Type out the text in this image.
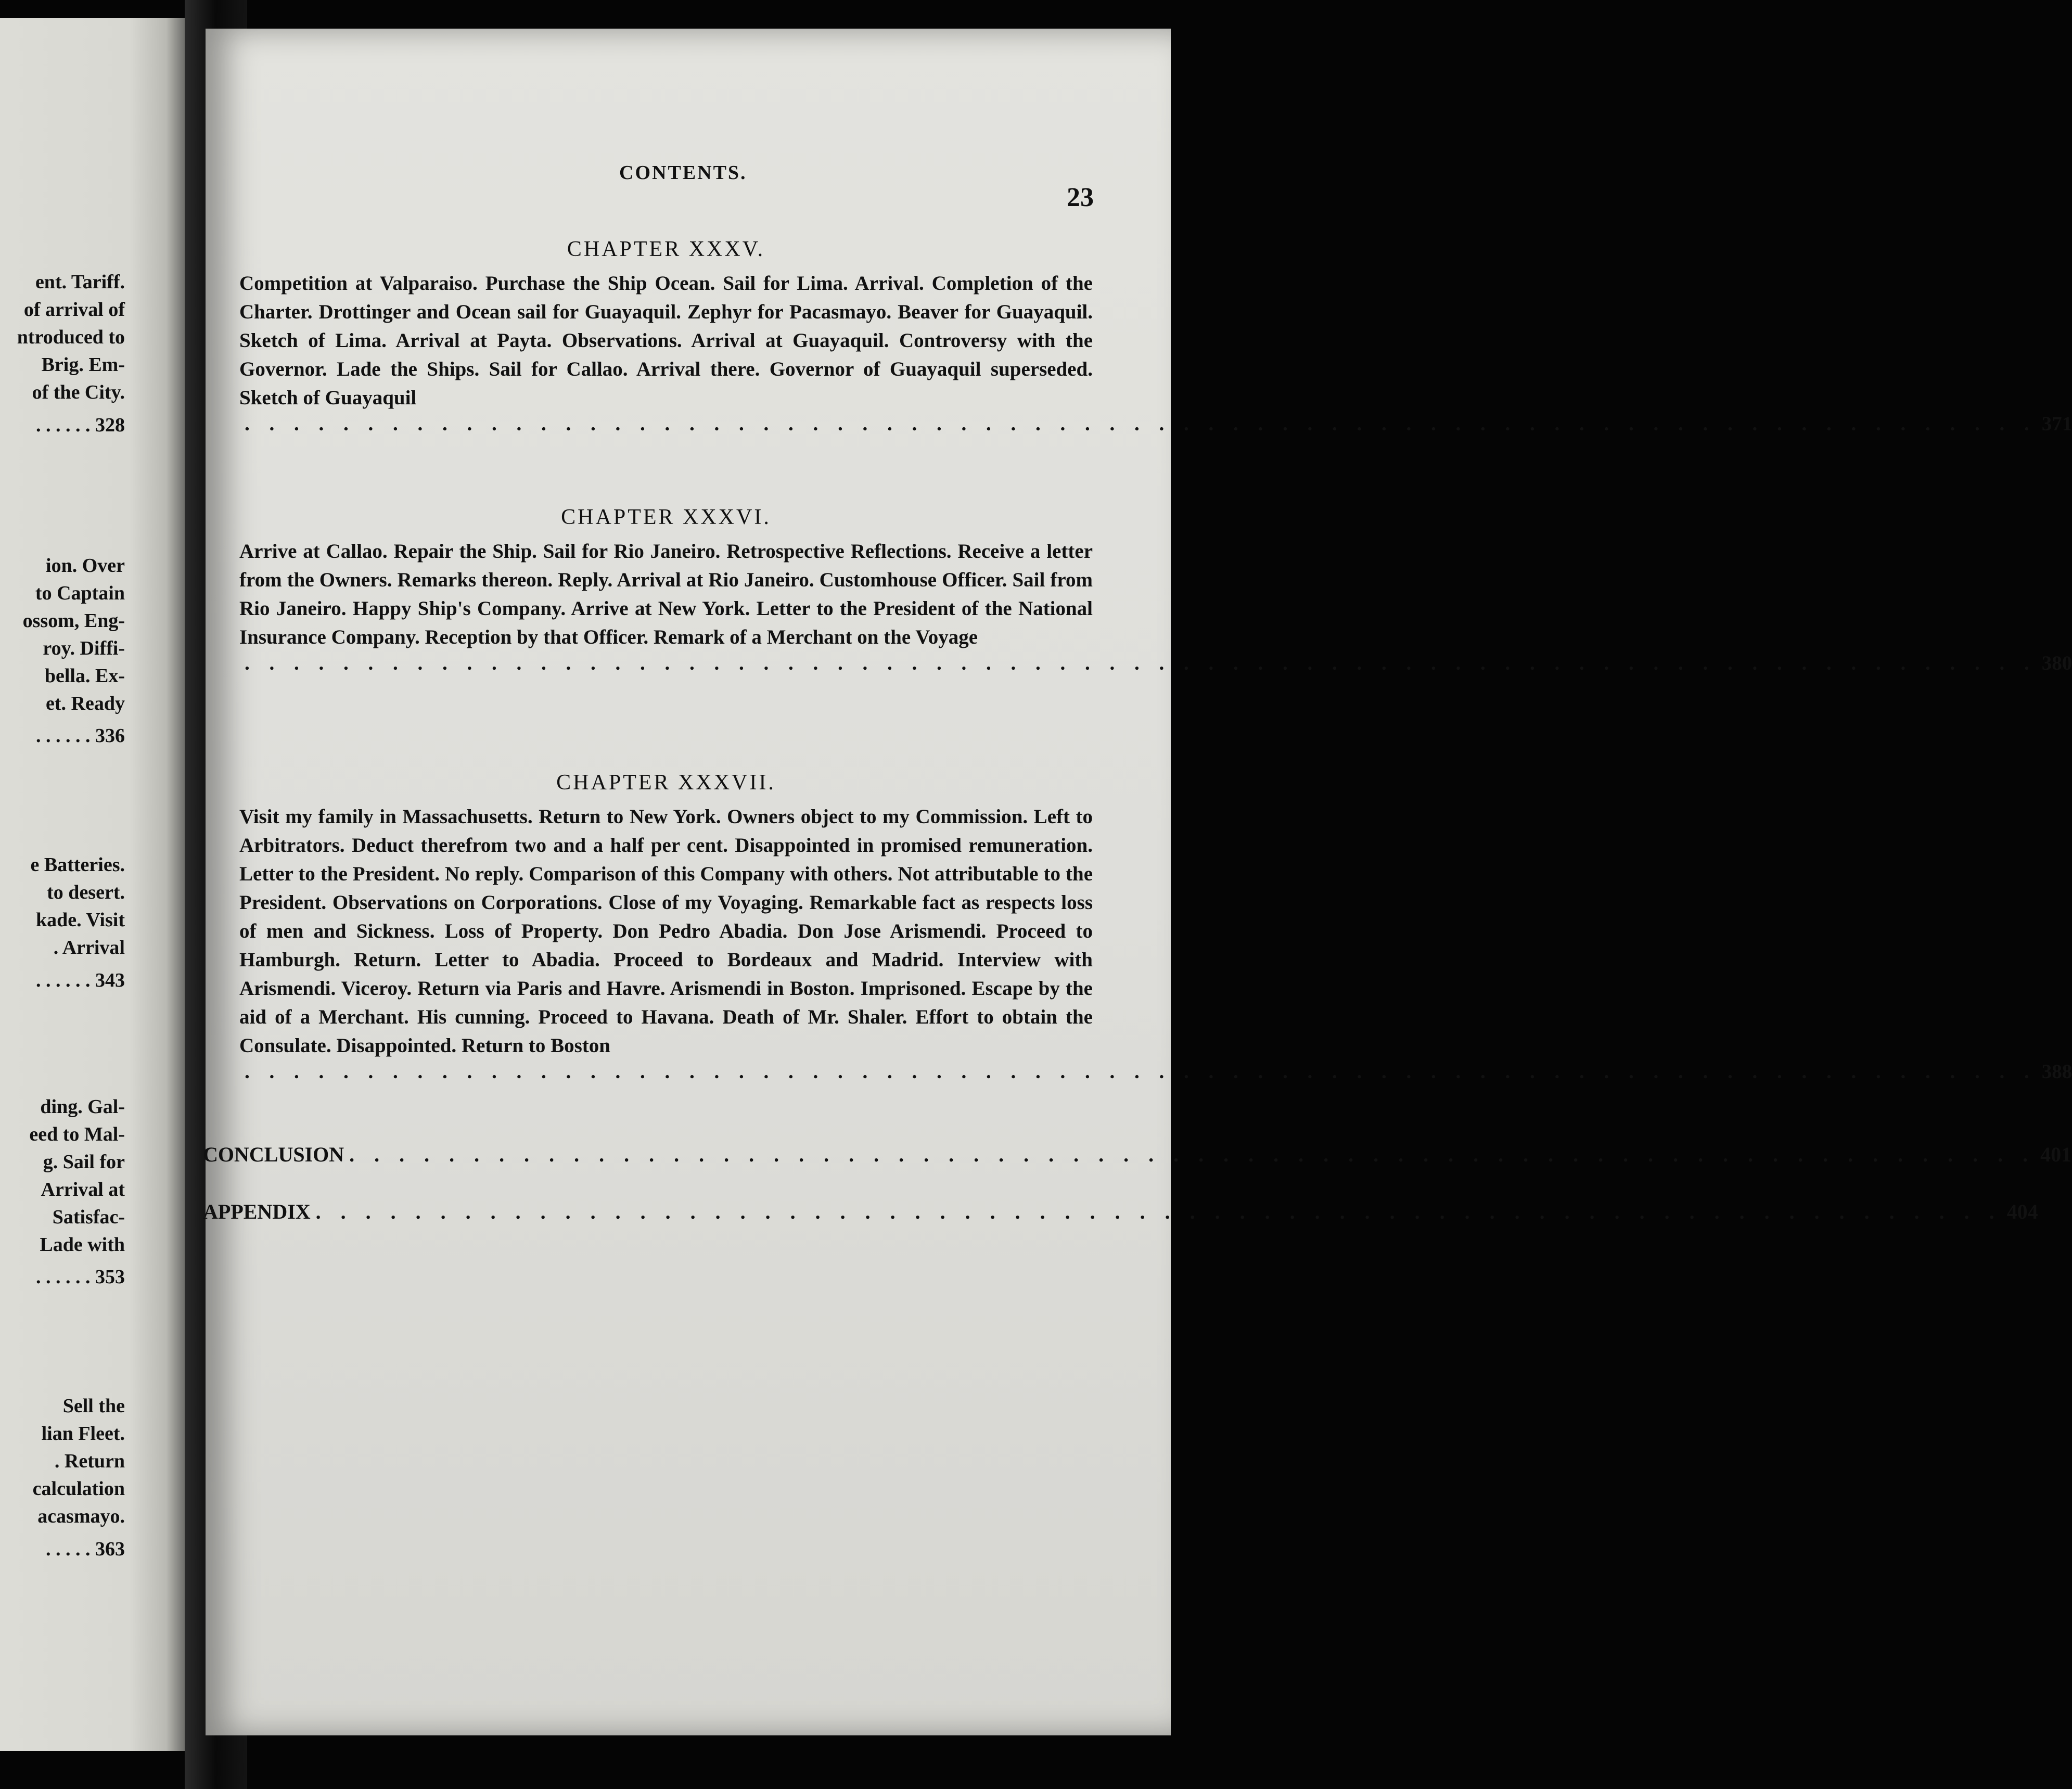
ent. Tariff.
of arrival of
ntroduced to
Brig. Em-
of the City.
. . . . . . 328
ion. Over
to Captain
ossom, Eng-
roy. Diffi-
bella. Ex-
et. Ready
. . . . . . 336
e Batteries.
to desert.
kade. Visit
. Arrival
. . . . . . 343
ding. Gal-
eed to Mal-
g. Sail for
Arrival at
Satisfac-
Lade with
. . . . . . 353
Sell the
lian Fleet.
. Return
calculation
acasmayo.
. . . . . 363
CONTENTS.
23
CHAPTER XXXV.
Competition at Valparaiso. Purchase the Ship Ocean. Sail for Lima. Arrival. Completion of the Charter. Drottinger and Ocean sail for Guayaquil. Zephyr for Pacasmayo. Beaver for Guayaquil. Sketch of Lima. Arrival at Payta. Observations. Arrival at Guayaquil. Controversy with the Governor. Lade the Ships. Sail for Callao. Arrival there. Governor of Guayaquil superseded. Sketch of Guayaquil
. . . . . . . . . . . . . . . . . . . . . . . . . . . . . . . . . . . . . . . . . . . . . . . . . . . . . . . . . . . . . . . . . . . . . . . . . 371
CHAPTER XXXVI.
Arrive at Callao. Repair the Ship. Sail for Rio Janeiro. Retrospective Reflections. Receive a letter from the Owners. Remarks thereon. Reply. Arrival at Rio Janeiro. Customhouse Officer. Sail from Rio Janeiro. Happy Ship's Company. Arrive at New York. Letter to the President of the National Insurance Company. Reception by that Officer. Remark of a Merchant on the Voyage
. . . . . . . . . . . . . . . . . . . . . . . . . . . . . . . . . . . . . . . . . . . . . . . . . . . . . . . . . . . . . . . . . . . . . . . . . 380
CHAPTER XXXVII.
Visit my family in Massachusetts. Return to New York. Owners object to my Commission. Left to Arbitrators. Deduct therefrom two and a half per cent. Disappointed in promised remuneration. Letter to the President. No reply. Comparison of this Company with others. Not attributable to the President. Observations on Corporations. Close of my Voyaging. Remarkable fact as respects loss of men and Sickness. Loss of Property. Don Pedro Abadia. Don Jose Arismendi. Proceed to Hamburgh. Return. Letter to Abadia. Proceed to Bordeaux and Madrid. Interview with Arismendi. Viceroy. Return via Paris and Havre. Arismendi in Boston. Imprisoned. Escape by the aid of a Merchant. His cunning. Proceed to Havana. Death of Mr. Shaler. Effort to obtain the Consulate. Disappointed. Return to Boston
. . . . . . . . . . . . . . . . . . . . . . . . . . . . . . . . . . . . . . . . . . . . . . . . . . . . . . . . . . . . . . . . . . . . . . . . . 388
CONCLUSION . . . . . . . . . . . . . . . . . . . . . . . . . . . . . . . . . . . . . . . . . . . . . . . . . . . . . . . . . . . . . . . . . . . . 401
APPENDIX . . . . . . . . . . . . . . . . . . . . . . . . . . . . . . . . . . . . . . . . . . . . . . . . . . . . . . . . . . . . . . . . . . . . 404
